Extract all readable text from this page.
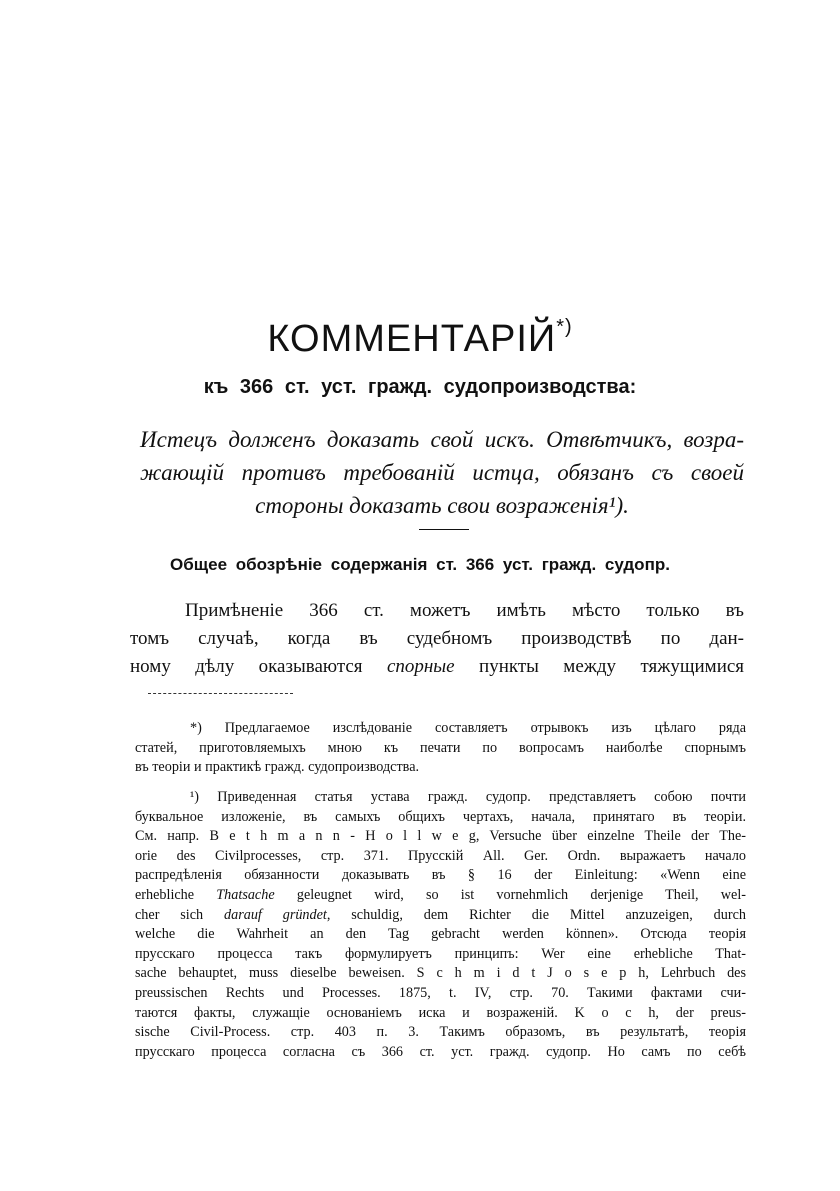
КОММЕНТАРІЙ*)
къ 366 ст. уст. гражд. судопроизводства:
Истецъ долженъ доказать свой искъ. Отвѣтчикъ, возра-
жающій противъ требованій истца, обязанъ съ своей
стороны доказать свои возраженія¹).
Общее обозрѣніе содержанія ст. 366 уст. гражд. судопр.
Примѣненіе 366 ст. можетъ имѣть мѣсто только въ
томъ случаѣ, когда въ судебномъ производствѣ по дан-
ному дѣлу оказываются спорные пункты между тяжущимися
*) Предлагаемое изслѣдованіе составляетъ отрывокъ изъ цѣлаго ряда
статей, приготовляемыхъ мною къ печати по вопросамъ наиболѣе спорнымъ
въ теоріи и практикѣ гражд. судопроизводства.
¹) Приведенная статья устава гражд. судопр. представляетъ собою почти
буквальное изложеніе, въ самыхъ общихъ чертахъ, начала, принятаго въ теоріи.
См. напр. B e t h m a n n - H o l l w e g, Versuche über einzelne Theile der The-
orie des Civilprocesses, стр. 371. Прусскій All. Ger. Ordn. выражаетъ начало
распредѣленія обязанности доказывать въ § 16 der Einleitung: «Wenn eine
erhebliche Thatsache geleugnet wird, so ist vornehmlich derjenige Theil, wel-
cher sich darauf gründet, schuldig, dem Richter die Mittel anzuzeigen, durch
welche die Wahrheit an den Tag gebracht werden können». Отсюда теорія
прусскаго процесса такъ формулируетъ принципъ: Wer eine erhebliche That-
sache behauptet, muss dieselbe beweisen. S c h m i d t J o s e p h, Lehrbuch des
preussischen Rechts und Processes. 1875, t. IV, стр. 70. Такими фактами счи-
таются факты, служащіе основаніемъ иска и возраженій. K o c h, der preus-
sische Civil-Process. стр. 403 п. 3. Такимъ образомъ, въ результатѣ, теорія
прусскаго процесса согласна съ 366 ст. уст. гражд. судопр. Но самъ по себѣ
